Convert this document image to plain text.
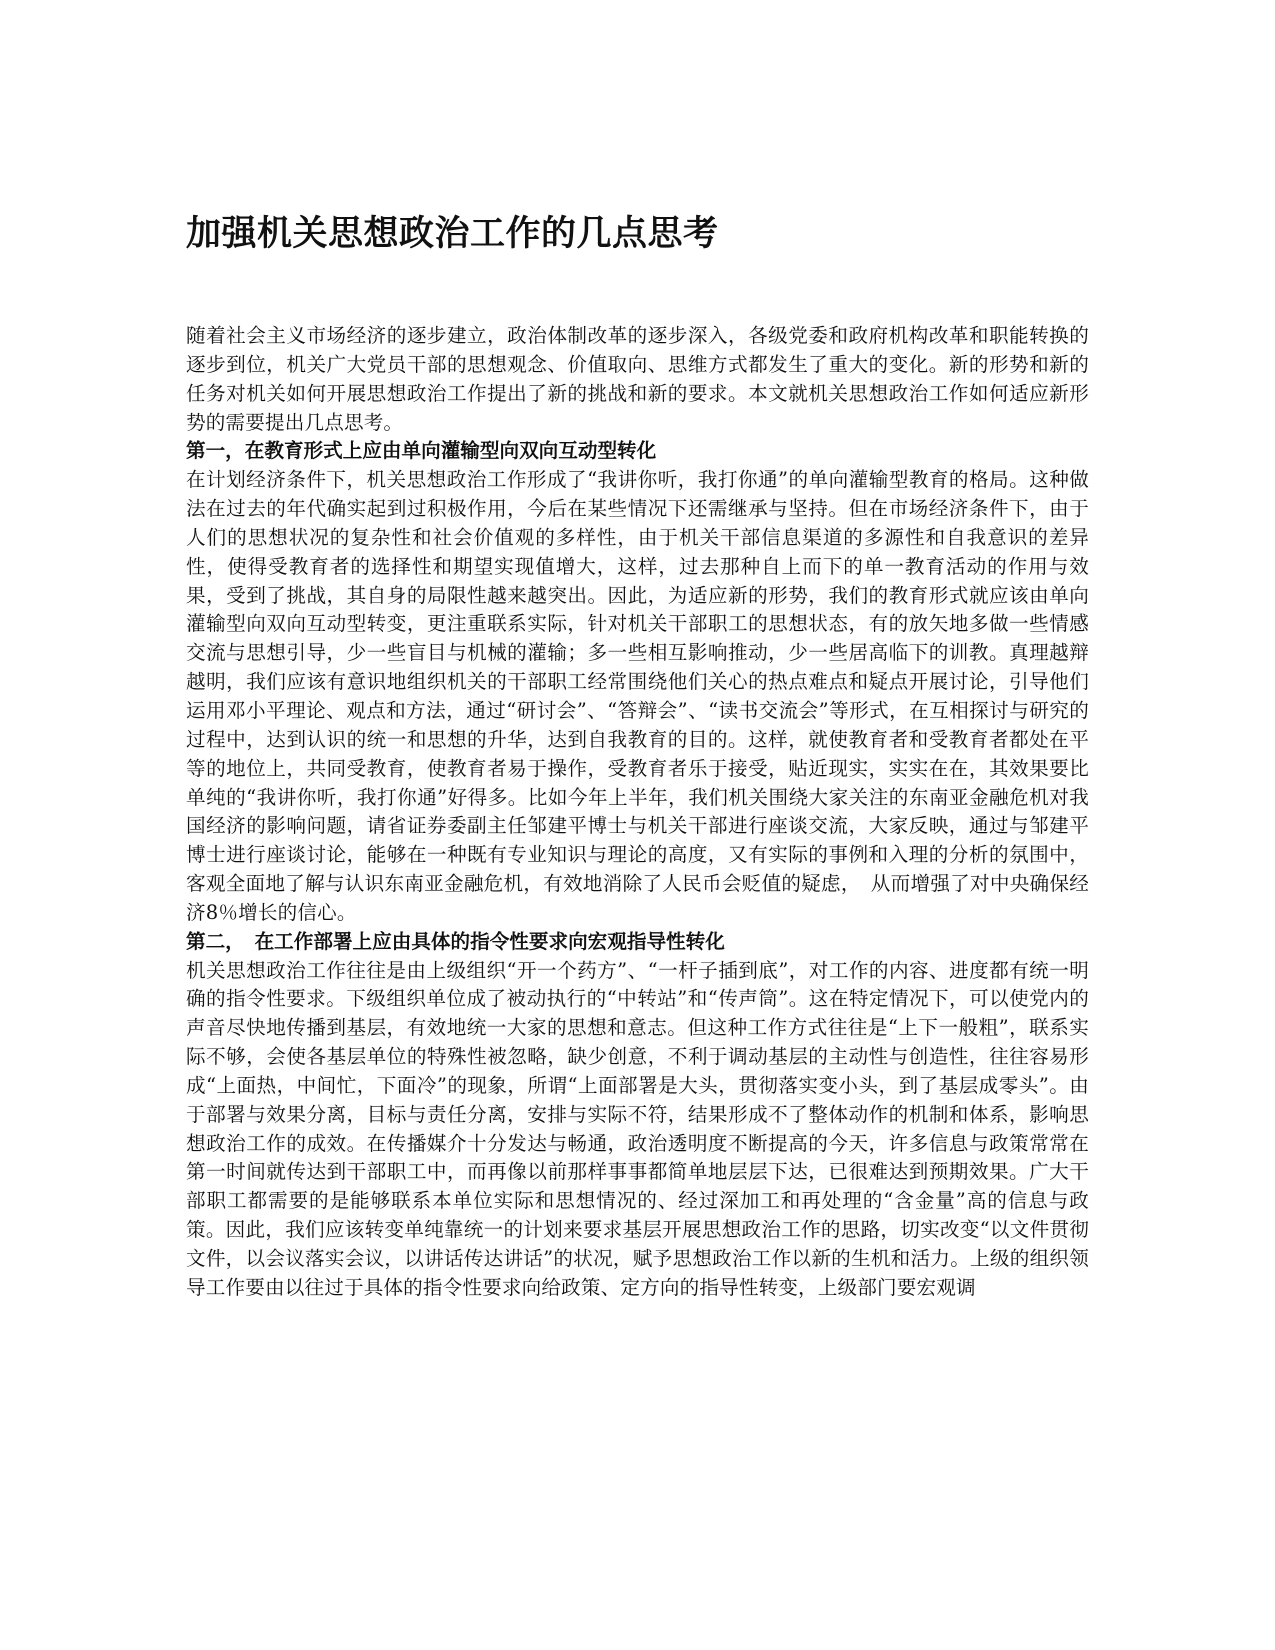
加强机关思想政治工作的几点思考

随着社会主义市场经济的逐步建立，政治体制改革的逐步深入，各级党委和政府机构改革和职能转换的逐步到位，机关广大党员干部的思想观念、价值取向、思维方式都发生了重大的变化。新的形势和新的任务对机关如何开展思想政治工作提出了新的挑战和新的要求。本文就机关思想政治工作如何适应新形势的需要提出几点思考。

第一，在教育形式上应由单向灌输型向双向互动型转化

在计划经济条件下，机关思想政治工作形成了“我讲你听，我打你通”的单向灌输型教育的格局。这种做法在过去的年代确实起到过积极作用，今后在某些情况下还需继承与坚持。但在市场经济条件下，由于人们的思想状况的复杂性和社会价值观的多样性，由于机关干部信息渠道的多源性和自我意识的差异性，使得受教育者的选择性和期望实现值增大，这样，过去那种自上而下的单一教育活动的作用与效果，受到了挑战，其自身的局限性越来越突出。因此，为适应新的形势，我们的教育形式就应该由单向灌输型向双向互动型转变，更注重联系实际，针对机关干部职工的思想状态，有的放矢地多做一些情感交流与思想引导，少一些盲目与机械的灌输；多一些相互影响推动，少一些居高临下的训教。真理越辩越明，我们应该有意识地组织机关的干部职工经常围绕他们关心的热点难点和疑点开展讨论，引导他们运用邓小平理论、观点和方法，通过“研讨会”、“答辩会”、“读书交流会”等形式，在互相探讨与研究的过程中，达到认识的统一和思想的升华，达到自我教育的目的。这样，就使教育者和受教育者都处在平等的地位上，共同受教育，使教育者易于操作，受教育者乐于接受，贴近现实，实实在在，其效果要比单纯的“我讲你听，我打你通”好得多。比如今年上半年，我们机关围绕大家关注的东南亚金融危机对我国经济的影响问题，请省证券委副主任邹建平博士与机关干部进行座谈交流，大家反映，通过与邹建平博士进行座谈讨论，能够在一种既有专业知识与理论的高度，又有实际的事例和入理的分析的氛围中，客观全面地了解与认识东南亚金融危机，有效地消除了人民币会贬值的疑虑，　从而增强了对中央确保经济8％增长的信心。

第二，　在工作部署上应由具体的指令性要求向宏观指导性转化

机关思想政治工作往往是由上级组织“开一个药方”、“一杆子插到底”，对工作的内容、进度都有统一明确的指令性要求。下级组织单位成了被动执行的“中转站”和“传声筒”。这在特定情况下，可以使党内的声音尽快地传播到基层，有效地统一大家的思想和意志。但这种工作方式往往是“上下一般粗”，联系实际不够，会使各基层单位的特殊性被忽略，缺少创意，不利于调动基层的主动性与创造性，往往容易形成“上面热，中间忙，下面冷”的现象，所谓“上面部署是大头，贯彻落实变小头，到了基层成零头”。由于部署与效果分离，目标与责任分离，安排与实际不符，结果形成不了整体动作的机制和体系，影响思想政治工作的成效。在传播媒介十分发达与畅通，政治透明度不断提高的今天，许多信息与政策常常在第一时间就传达到干部职工中，而再像以前那样事事都简单地层层下达，已很难达到预期效果。广大干部职工都需要的是能够联系本单位实际和思想情况的、经过深加工和再处理的“含金量”高的信息与政策。因此，我们应该转变单纯靠统一的计划来要求基层开展思想政治工作的思路，切实改变“以文件贯彻文件，以会议落实会议，以讲话传达讲话”的状况，赋予思想政治工作以新的生机和活力。上级的组织领导工作要由以往过于具体的指令性要求向给政策、定方向的指导性转变，上级部门要宏观调
